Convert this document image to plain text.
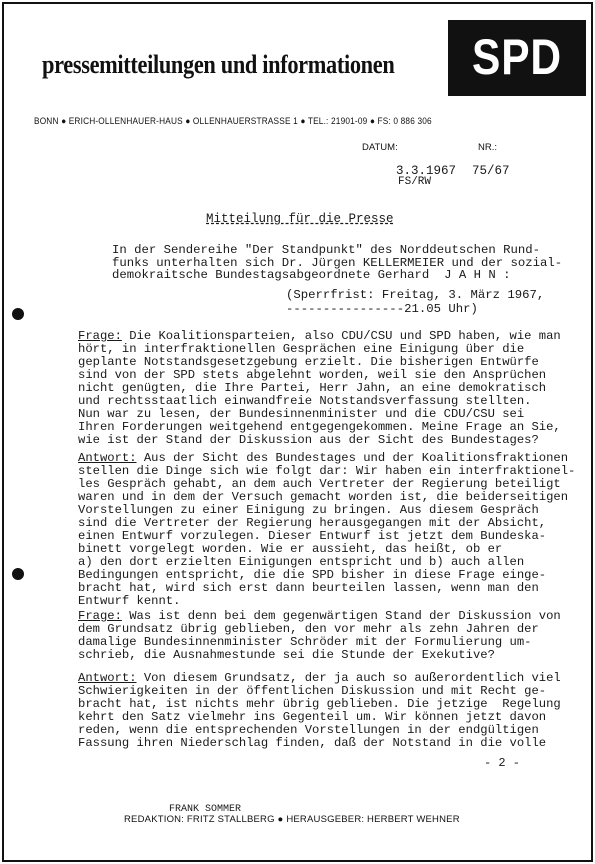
pressemitteilungen und informationen SPD
BONN ● ERICH-OLLENHAUER-HAUS ● OLLENHAUERSTRASSE 1 ● TEL.: 21901-09 ● FS: 0 886 306
DATUM:	NR.:
3.3.1967 75/67
FS/RW
Mitteilung für die Presse
In der Sendereihe "Der Standpunkt" des Norddeutschen Rund-
funks unterhalten sich Dr. Jürgen KELLERMEIER und der sozial-
demokraitsche Bundestagsabgeordnete Gerhard  J A H N :
(Sperrfrist: Freitag, 3. März 1967,
----------------21.05 Uhr)
Frage: Die Koalitionsparteien, also CDU/CSU und SPD haben, wie man
hört, in interfraktionellen Gesprächen eine Einigung über die
geplante Notstandsgesetzgebung erzielt. Die bisherigen Entwürfe
sind von der SPD stets abgelehnt worden, weil sie den Ansprüchen
nicht genügten, die Ihre Partei, Herr Jahn, an eine demokratisch
und rechtsstaatlich einwandfreie Notstandsverfassung stellten.
Nun war zu lesen, der Bundesinnenminister und die CDU/CSU sei
Ihren Forderungen weitgehend entgegengekommen. Meine Frage an Sie,
wie ist der Stand der Diskussion aus der Sicht des Bundestages?
Antwort: Aus der Sicht des Bundestages und der Koalitionsfraktionen
stellen die Dinge sich wie folgt dar: Wir haben ein interfraktionel-
les Gespräch gehabt, an dem auch Vertreter der Regierung beteiligt
waren und in dem der Versuch gemacht worden ist, die beiderseitigen
Vorstellungen zu einer Einigung zu bringen. Aus diesem Gespräch
sind die Vertreter der Regierung herausgegangen mit der Absicht,
einen Entwurf vorzulegen. Dieser Entwurf ist jetzt dem Bundeska-
binett vorgelegt worden. Wie er aussieht, das heißt, ob er
a) den dort erzielten Einigungen entspricht und b) auch allen
Bedingungen entspricht, die die SPD bisher in diese Frage einge-
bracht hat, wird sich erst dann beurteilen lassen, wenn man den
Entwurf kennt.
Frage: Was ist denn bei dem gegenwärtigen Stand der Diskussion von
dem Grundsatz übrig geblieben, den vor mehr als zehn Jahren der
damalige Bundesinnenminister Schröder mit der Formulierung um-
schrieb, die Ausnahmestunde sei die Stunde der Exekutive?
Antwort: Von diesem Grundsatz, der ja auch so außerordentlich viel
Schwierigkeiten in der öffentlichen Diskussion und mit Recht ge-
bracht hat, ist nichts mehr übrig geblieben. Die jetzige  Regelung
kehrt den Satz vielmehr ins Gegenteil um. Wir können jetzt davon
reden, wenn die entsprechenden Vorstellungen in der endgültigen
Fassung ihren Niederschlag finden, daß der Notstand in die volle
- 2 -
FRANK SOMMER
REDAKTION: FRITZ STALLBERG ● HERAUSGEBER: HERBERT WEHNER
